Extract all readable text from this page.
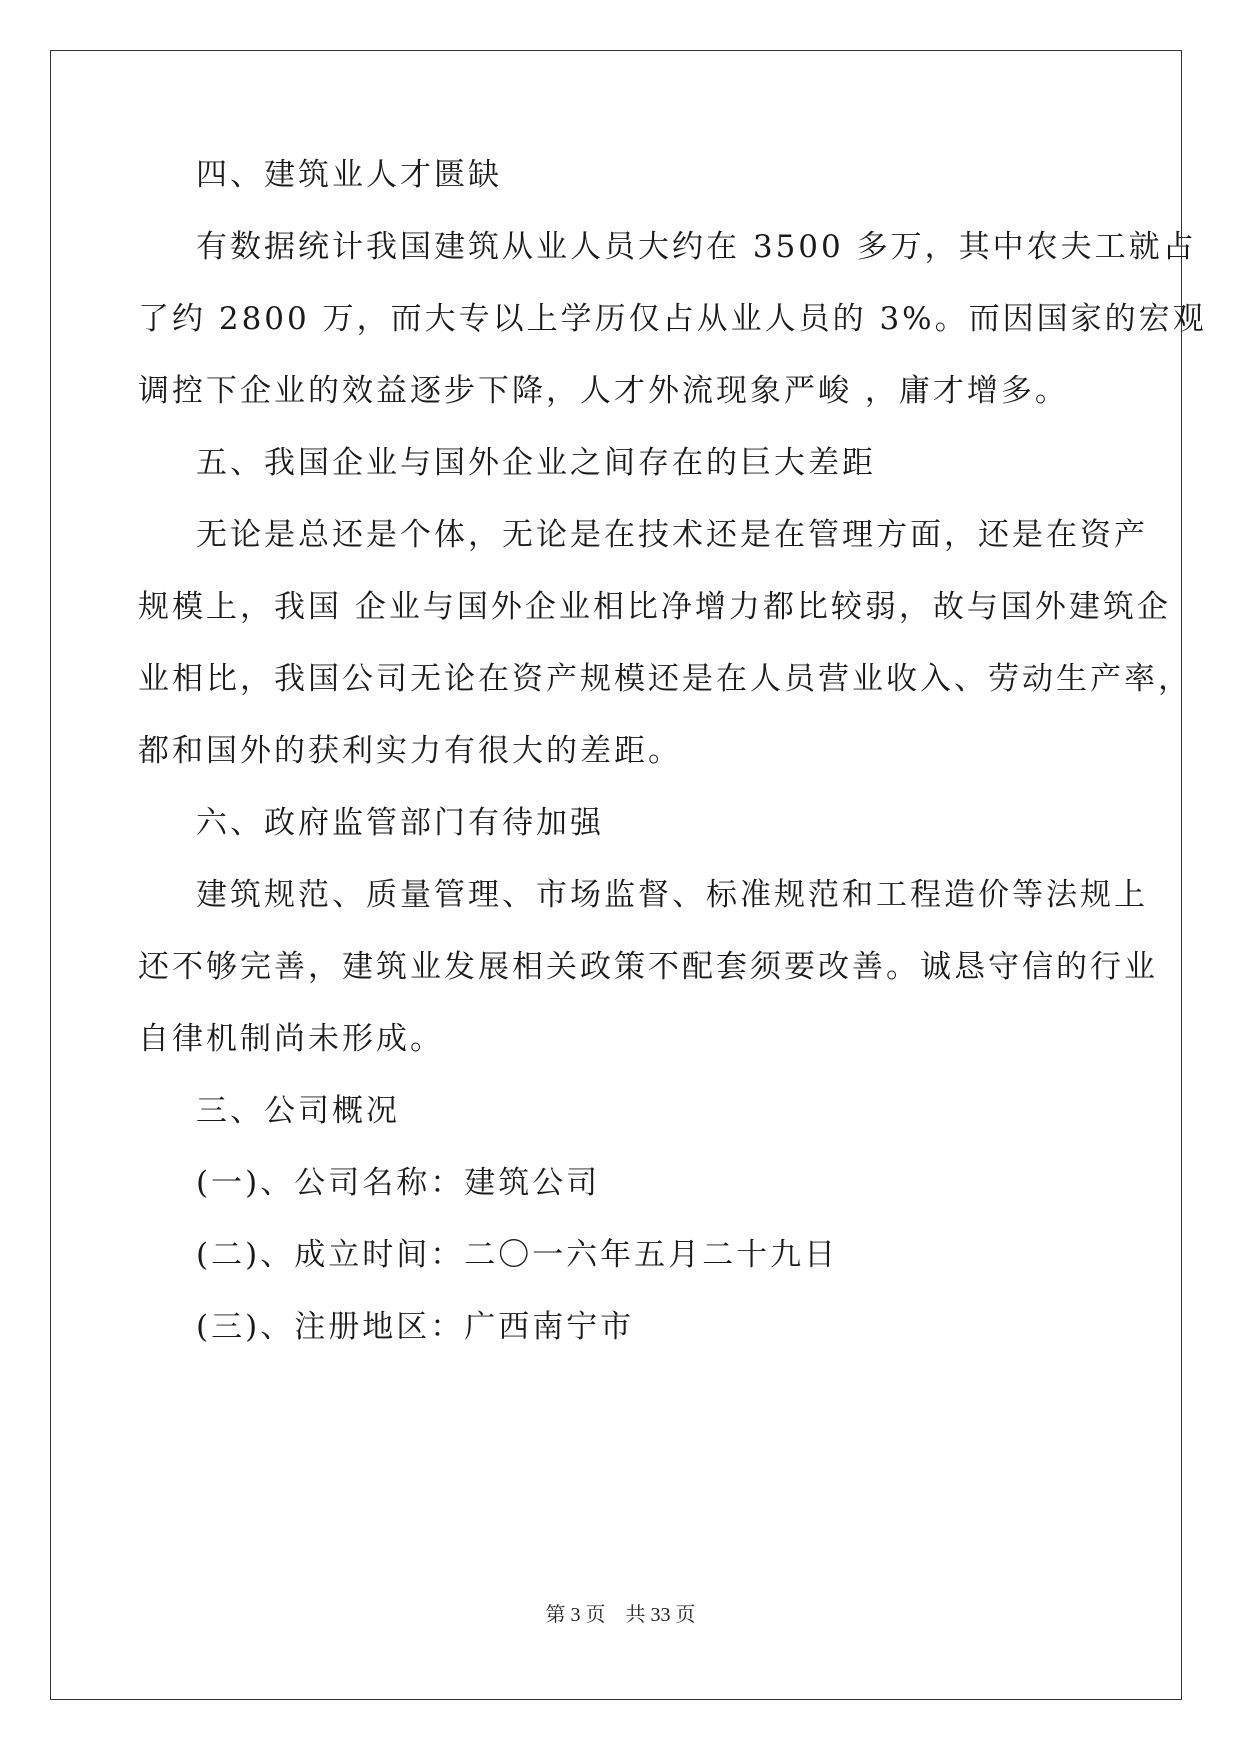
四、建筑业人才匮缺
有数据统计我国建筑从业人员大约在 3500 多万，其中农夫工就占
了约 2800 万，而大专以上学历仅占从业人员的 3%。而因国家的宏观
调控下企业的效益逐步下降，人才外流现象严峻 ，庸才增多。
五、我国企业与国外企业之间存在的巨大差距
无论是总还是个体，无论是在技术还是在管理方面，还是在资产
规模上，我国 企业与国外企业相比净增力都比较弱，故与国外建筑企
业相比，我国公司无论在资产规模还是在人员营业收入、劳动生产率，
都和国外的获利实力有很大的差距。
六、政府监管部门有待加强
建筑规范、质量管理、市场监督、标准规范和工程造价等法规上
还不够完善，建筑业发展相关政策不配套须要改善。诚恳守信的行业
自律机制尚未形成。
三、公司概况
(一)、公司名称：建筑公司
(二)、成立时间：二〇一六年五月二十九日
(三)、注册地区：广西南宁市
第 3 页　共 33 页
